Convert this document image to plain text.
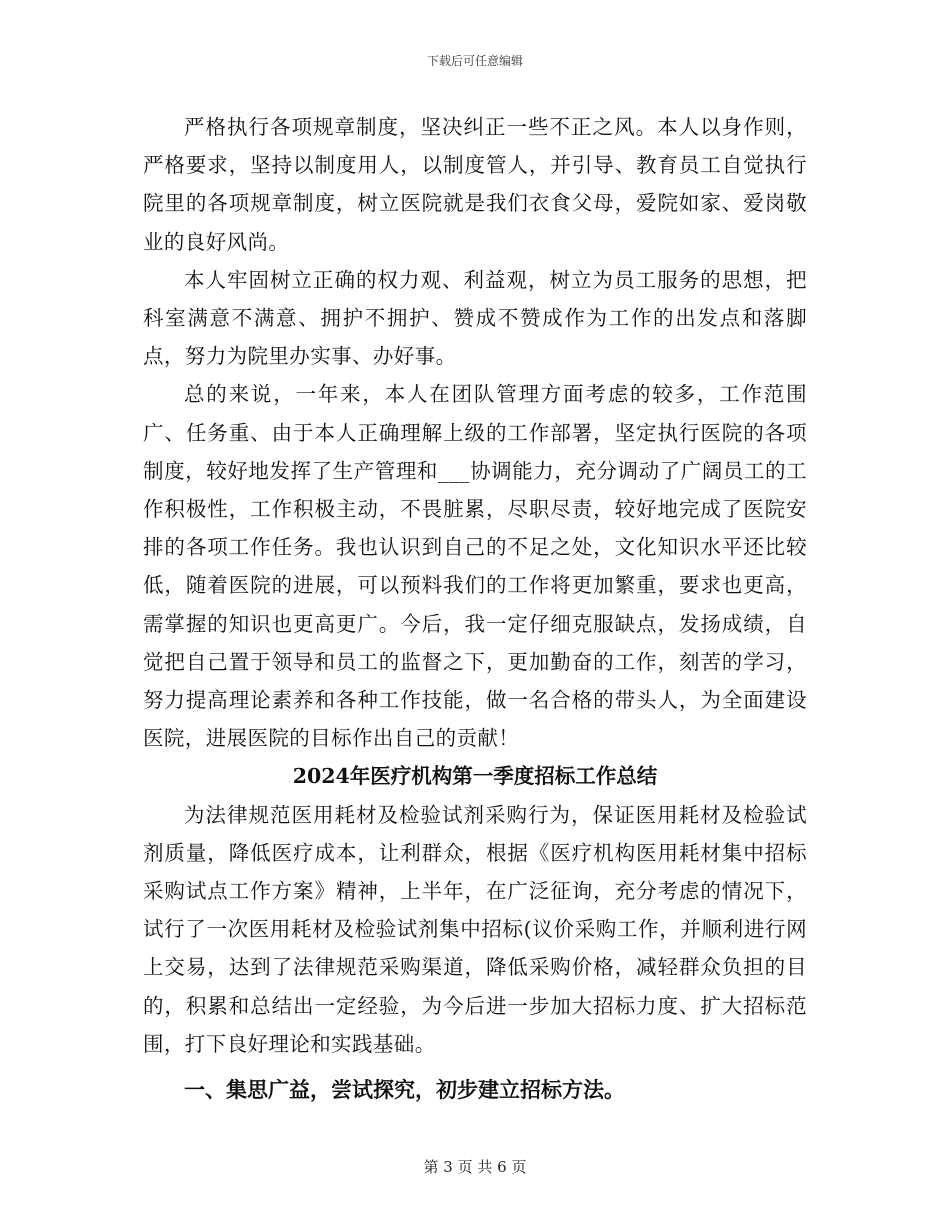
下载后可任意编辑

严格执行各项规章制度，坚决纠正一些不正之风。本人以身作则，严格要求，坚持以制度用人，以制度管人，并引导、教育员工自觉执行院里的各项规章制度，树立医院就是我们衣食父母，爱院如家、爱岗敬业的良好风尚。

本人牢固树立正确的权力观、利益观，树立为员工服务的思想，把科室满意不满意、拥护不拥护、赞成不赞成作为工作的出发点和落脚点，努力为院里办实事、办好事。

总的来说，一年来，本人在团队管理方面考虑的较多，工作范围广、任务重、由于本人正确理解上级的工作部署，坚定执行医院的各项制度，较好地发挥了生产管理和___协调能力，充分调动了广阔员工的工作积极性，工作积极主动，不畏脏累，尽职尽责，较好地完成了医院安排的各项工作任务。我也认识到自己的不足之处，文化知识水平还比较低，随着医院的进展，可以预料我们的工作将更加繁重，要求也更高，需掌握的知识也更高更广。今后，我一定仔细克服缺点，发扬成绩，自觉把自己置于领导和员工的监督之下，更加勤奋的工作，刻苦的学习，努力提高理论素养和各种工作技能，做一名合格的带头人，为全面建设医院，进展医院的目标作出自己的贡献！

2024年医疗机构第一季度招标工作总结

为法律规范医用耗材及检验试剂采购行为，保证医用耗材及检验试剂质量，降低医疗成本，让利群众，根据《医疗机构医用耗材集中招标采购试点工作方案》精神，上半年，在广泛征询，充分考虑的情况下，试行了一次医用耗材及检验试剂集中招标(议价采购工作，并顺利进行网上交易，达到了法律规范采购渠道，降低采购价格，减轻群众负担的目的，积累和总结出一定经验，为今后进一步加大招标力度、扩大招标范围，打下良好理论和实践基础。

一、集思广益，尝试探究，初步建立招标方法。

第 3 页 共 6 页
